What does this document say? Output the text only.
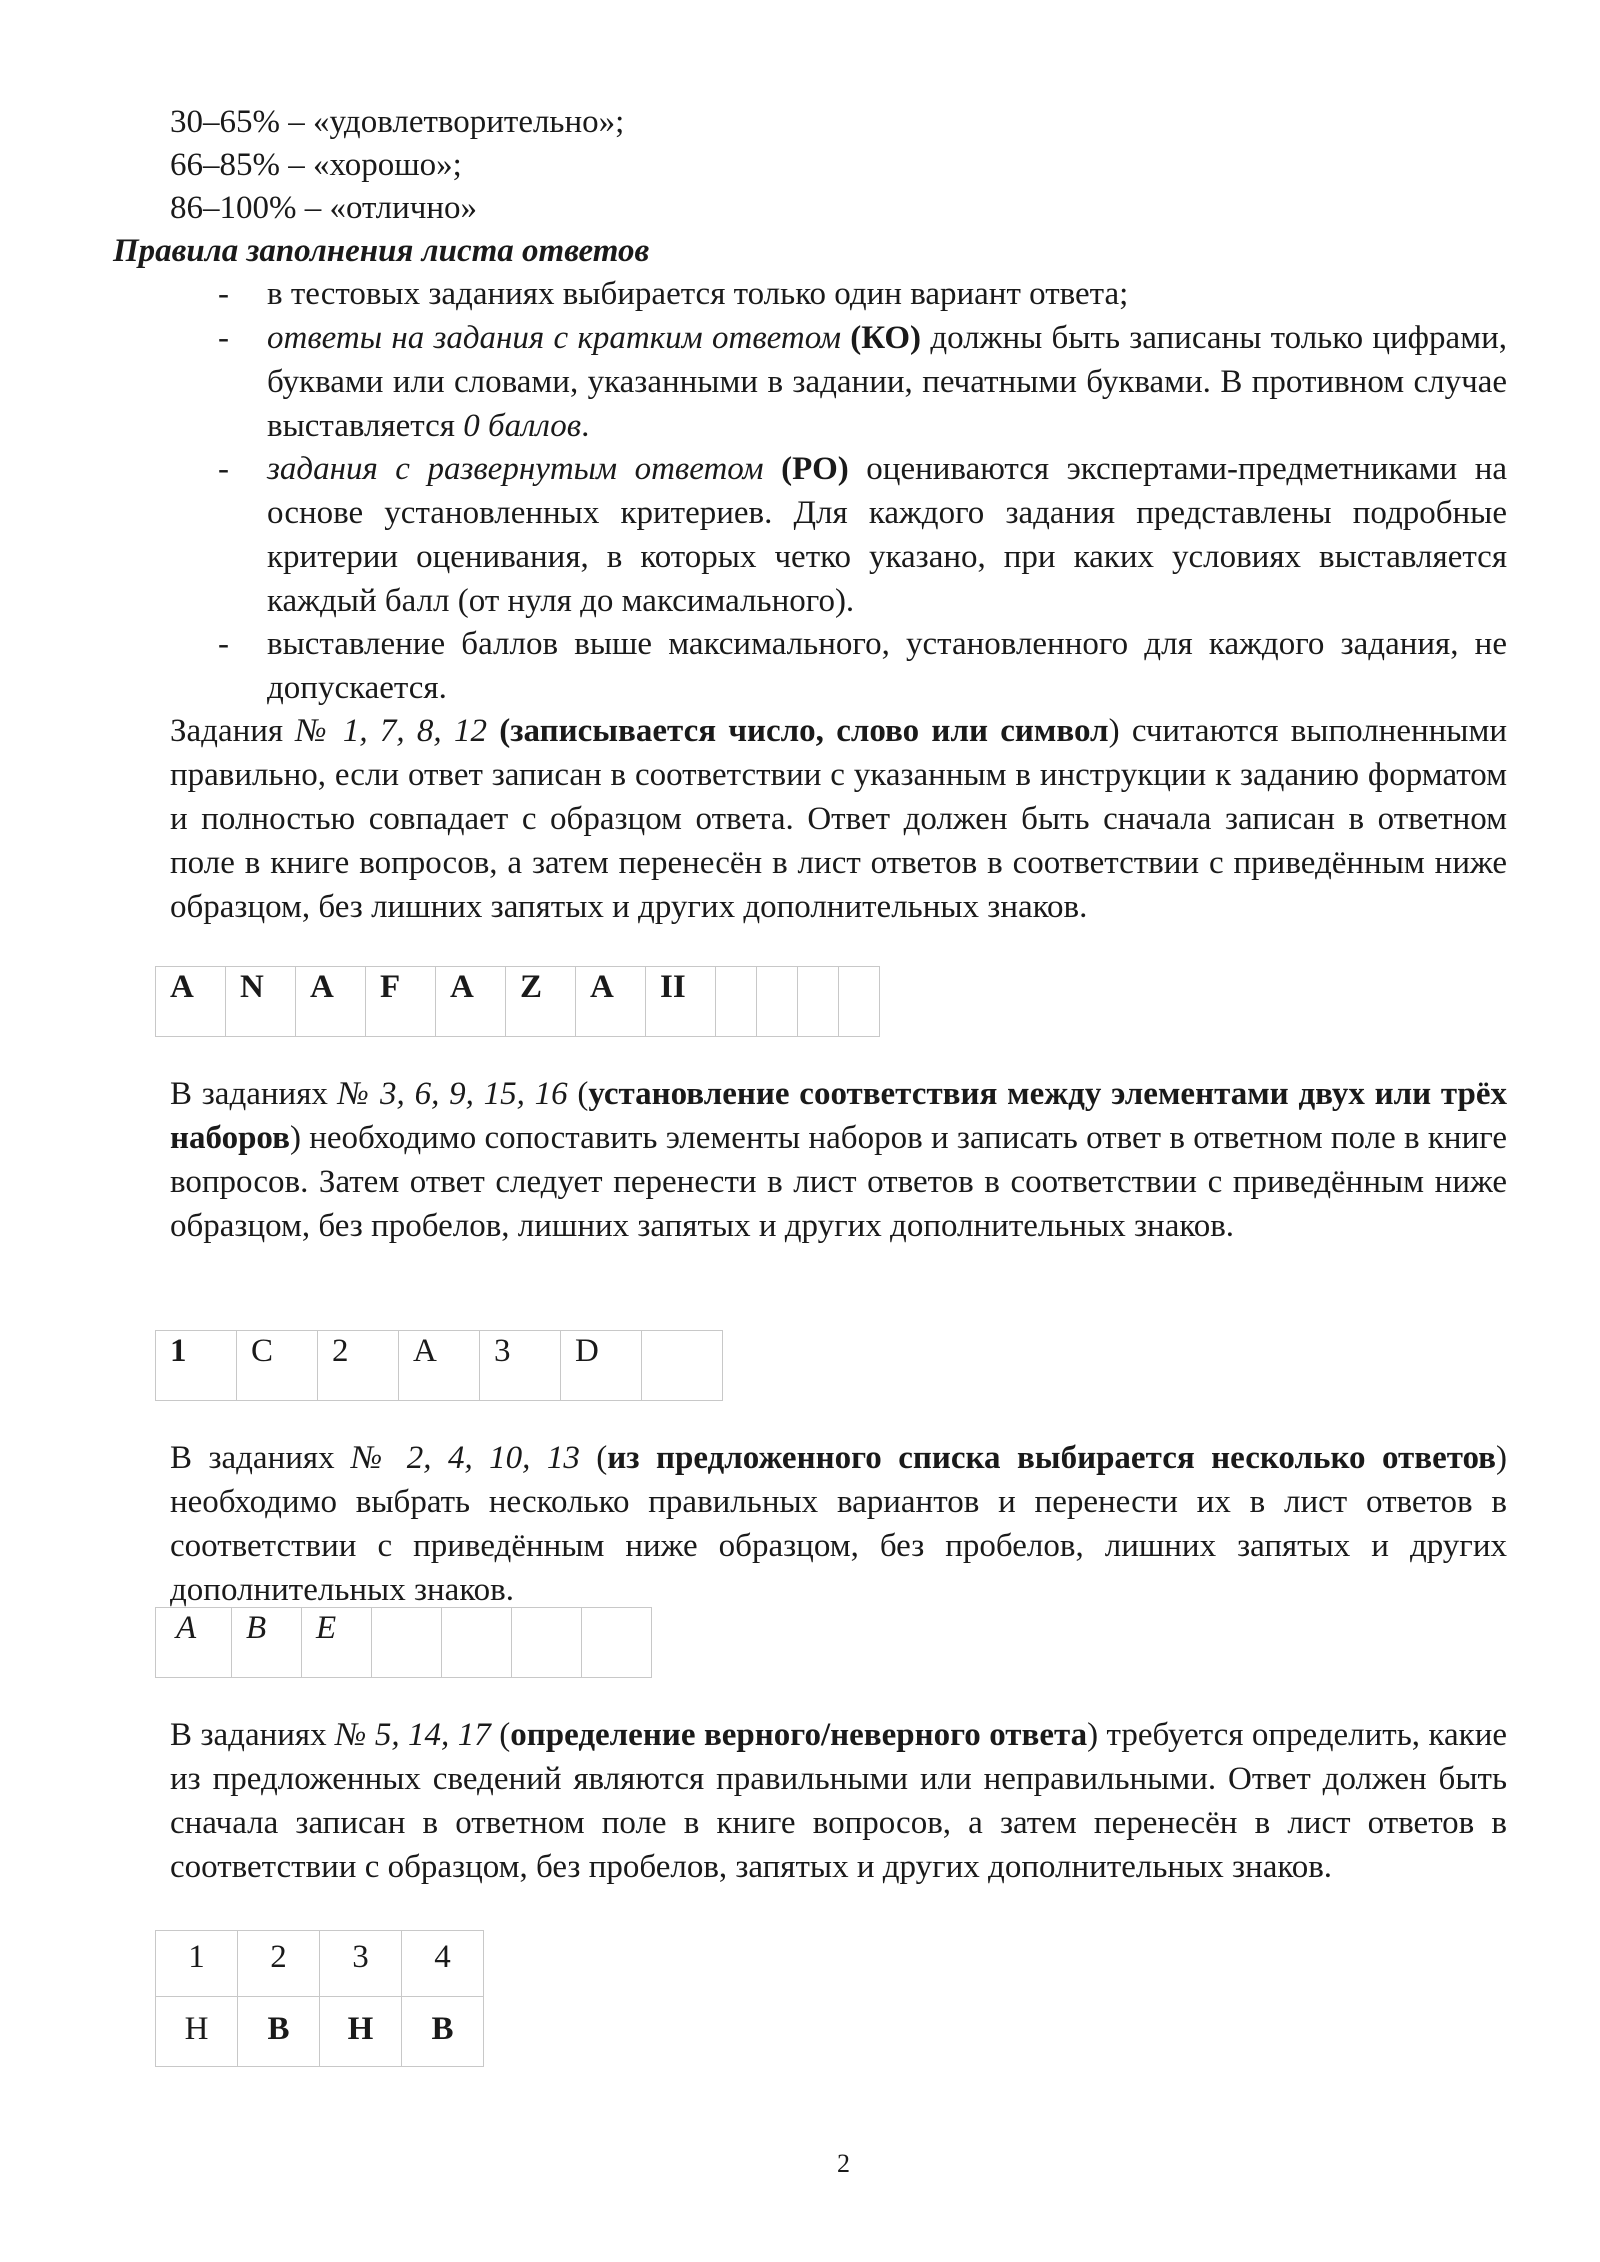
30–65% – «удовлетворительно»;
66–85% – «хорошо»;
86–100% – «отлично»
Правила заполнения листа ответов
- в тестовых заданиях выбирается только один вариант ответа;
- ответы на задания с кратким ответом (КО) должны быть записаны только цифрами, буквами или словами, указанными в задании, печатными буквами. В противном случае выставляется 0 баллов.
- задания с развернутым ответом (РО) оцениваются экспертами-предметниками на основе установленных критериев. Для каждого задания представлены подробные критерии оценивания, в которых четко указано, при каких условиях выставляется каждый балл (от нуля до максимального).
- выставление баллов выше максимального, установленного для каждого задания, не допускается.
Задания № 1, 7, 8, 12 (записывается число, слово или символ) считаются выполненными правильно, если ответ записан в соответствии с указанным в инструкции к заданию форматом и полностью совпадает с образцом ответа. Ответ должен быть сначала записан в ответном поле в книге вопросов, а затем перенесён в лист ответов в соответствии с приведённым ниже образцом, без лишних запятых и других дополнительных знаков.
A	N	A	F	A	Z	A	II				
В заданиях № 3, 6, 9, 15, 16 (установление соответствия между элементами двух или трёх наборов) необходимо сопоставить элементы наборов и записать ответ в ответном поле в книге вопросов. Затем ответ следует перенести в лист ответов в соответствии с приведённым ниже образцом, без пробелов, лишних запятых и других дополнительных знаков.
1	C	2	A	3	D	
В заданиях № 2, 4, 10, 13 (из предложенного списка выбирается несколько ответов) необходимо выбрать несколько правильных вариантов и перенести их в лист ответов в соответствии с приведённым ниже образцом, без пробелов, лишних запятых и других дополнительных знаков.
A	B	E				
В заданиях № 5, 14, 17 (определение верного/неверного ответа) требуется определить, какие из предложенных сведений являются правильными или неправильными. Ответ должен быть сначала записан в ответном поле в книге вопросов, а затем перенесён в лист ответов в соответствии с образцом, без пробелов, запятых и других дополнительных знаков.
1	2	3	4
Н	В	Н	В
2
